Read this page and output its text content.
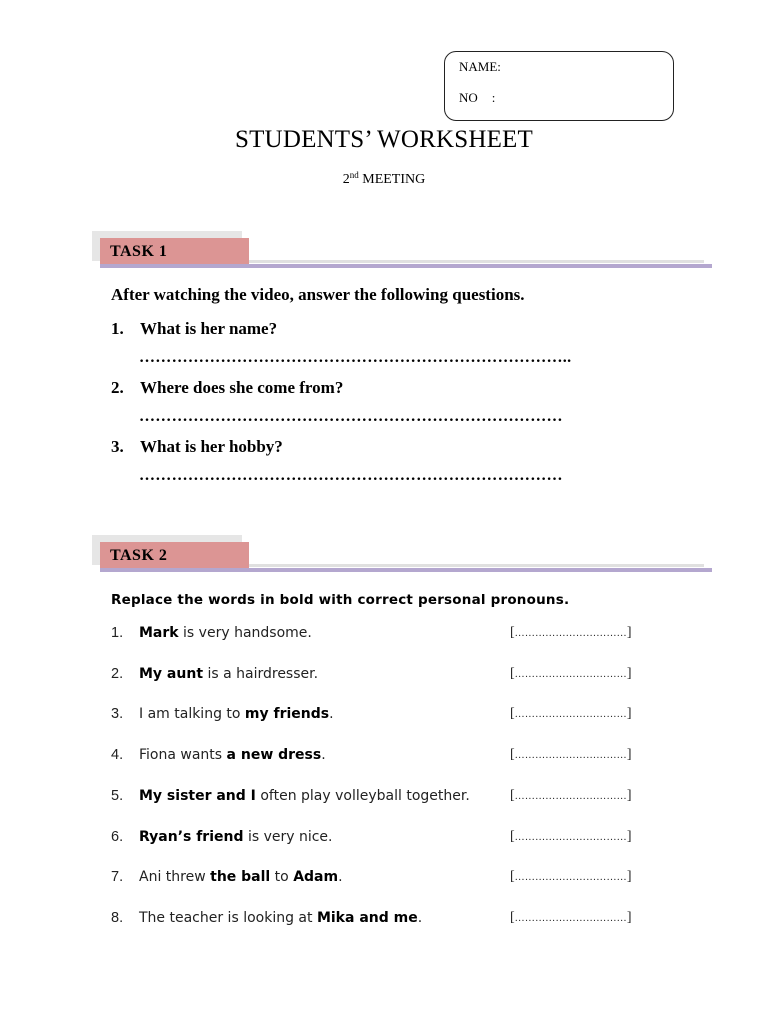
NAME:
NO :
STUDENTS’ WORKSHEET
2nd MEETING
TASK 1
After watching the video, answer the following questions.
1. What is her name?
……………………………………………………………………..
2. Where does she come from?
……………………………………………………………………
3. What is her hobby?
……………………………………………………………………
TASK 2
Replace the words in bold with correct personal pronouns.
1. Mark is very handsome.	[……………………………]
2. My aunt is a hairdresser.	[……………………………]
3. I am talking to my friends.	[……………………………]
4. Fiona wants a new dress.	[……………………………]
5. My sister and I often play volleyball together.	[……………………………]
6. Ryan’s friend is very nice.	[……………………………]
7. Ani threw the ball to Adam.	[……………………………]
8. The teacher is looking at Mika and me.	[……………………………]
